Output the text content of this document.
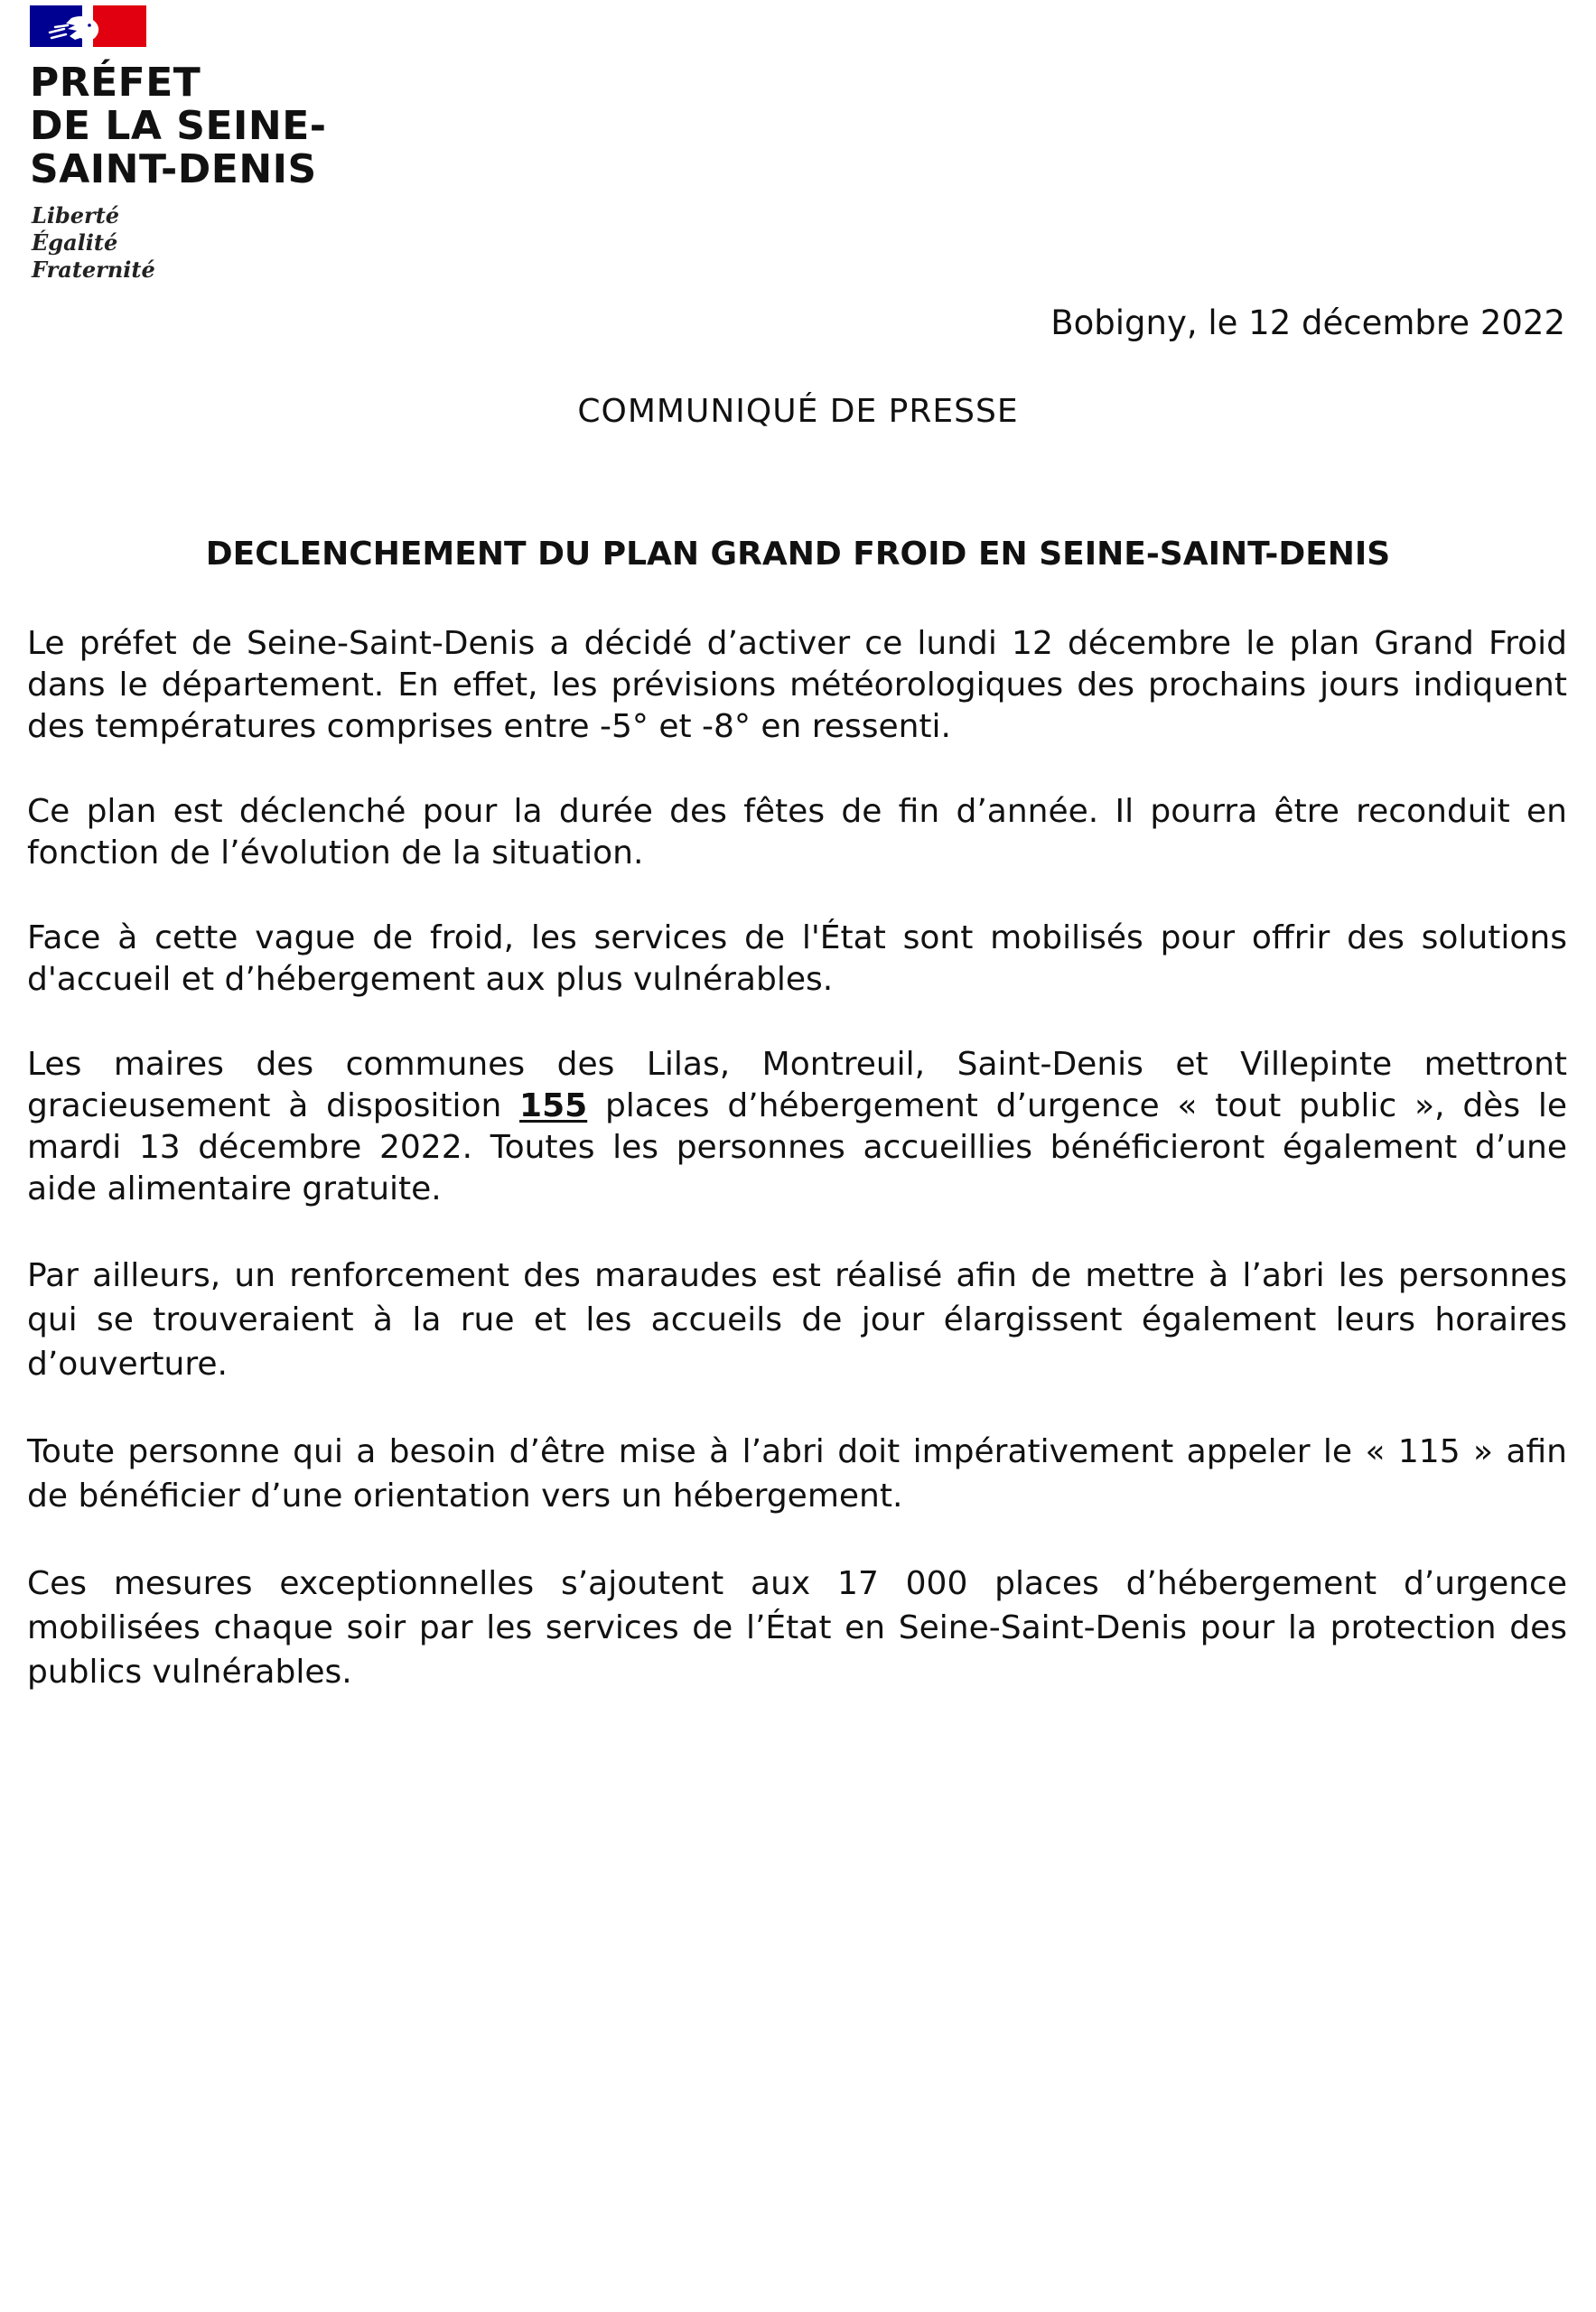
PRÉFET
DE LA SEINE-
SAINT-DENIS
Liberté
Égalité
Fraternité
Bobigny, le 12 décembre 2022
COMMUNIQUÉ DE PRESSE
DECLENCHEMENT DU PLAN GRAND FROID EN SEINE-SAINT-DENIS

Le préfet de Seine-Saint-Denis a décidé d’activer ce lundi 12 décembre le plan Grand Froid dans le département. En effet, les prévisions météorologiques des prochains jours indiquent des températures comprises entre -5° et -8° en ressenti.

Ce plan est déclenché pour la durée des fêtes de fin d’année. Il pourra être reconduit en fonction de l’évolution de la situation.

Face à cette vague de froid, les services de l'État sont mobilisés pour offrir des solutions d'accueil et d’hébergement aux plus vulnérables.

Les maires des communes des Lilas, Montreuil, Saint-Denis et Villepinte mettront gracieusement à disposition 155 places d’hébergement d’urgence « tout public », dès le mardi 13 décembre 2022. Toutes les personnes accueillies bénéficieront également d’une aide alimentaire gratuite.

Par ailleurs, un renforcement des maraudes est réalisé afin de mettre à l’abri les personnes qui se trouveraient à la rue et les accueils de jour élargissent également leurs horaires d’ouverture.

Toute personne qui a besoin d’être mise à l’abri doit impérativement appeler le « 115 » afin de bénéficier d’une orientation vers un hébergement.

Ces mesures exceptionnelles s’ajoutent aux 17 000 places d’hébergement d’urgence mobilisées chaque soir par les services de l’État en Seine-Saint-Denis pour la protection des publics vulnérables.
